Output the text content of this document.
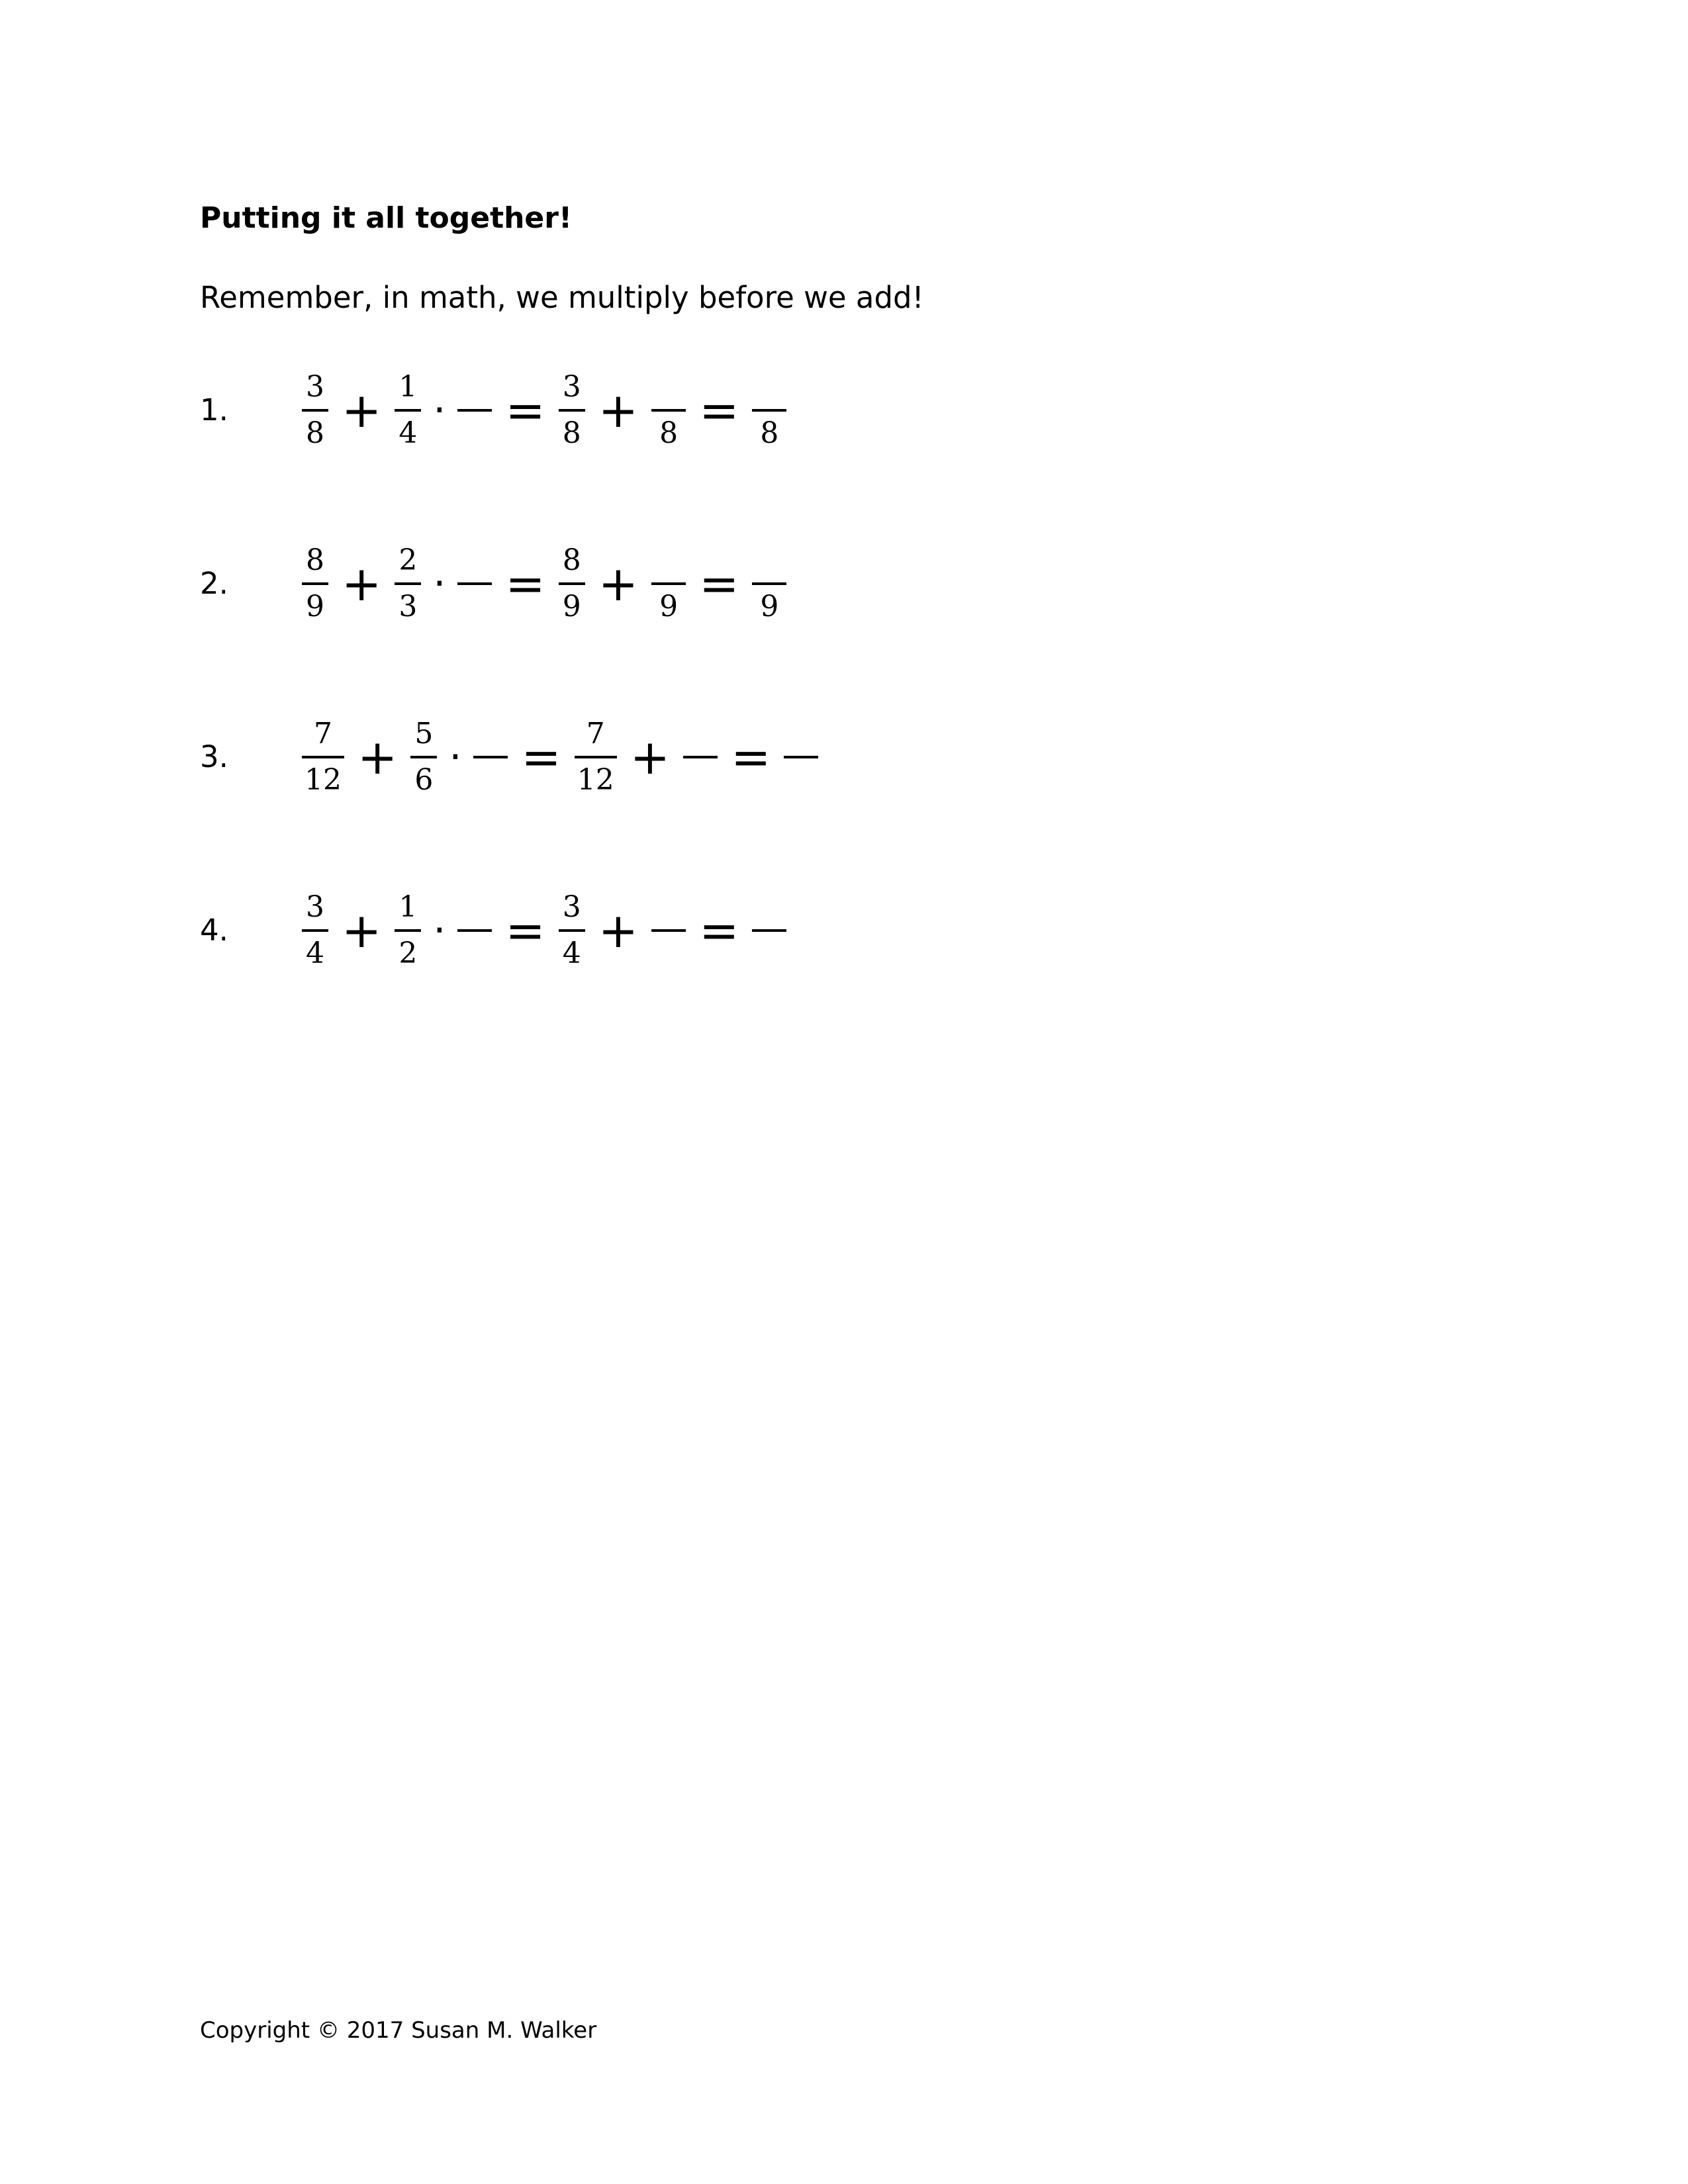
Putting it all together!

Remember, in math, we multiply before we add!

1.	$\frac{3}{8} + \frac{1}{4}$ · = $\frac{3}{8} + 8 = 8$
2.	$\frac{8}{9} + \frac{2}{3}$ · = $\frac{8}{9} + 9 = 9$
3.	$\frac{7}{12} + \frac{5}{6}$ · = $\frac{7}{12}$ + =
4.	$\frac{3}{4} + \frac{1}{2}$ · = $\frac{3}{4}$ + =

Copyright © 2017 Susan M. Walker
